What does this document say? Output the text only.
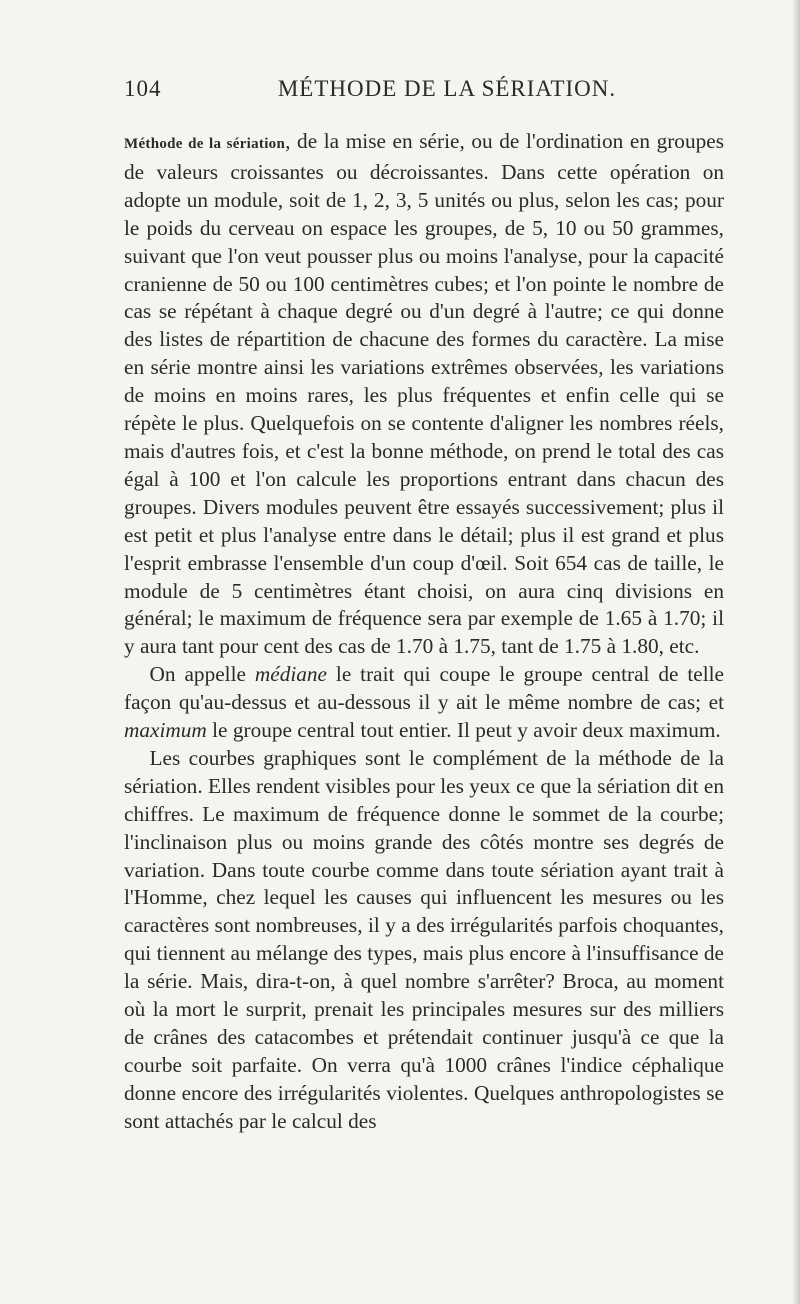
104	MÉTHODE DE LA SÉRIATION.

Méthode de la sériation, de la mise en série, ou de l'ordination en groupes de valeurs croissantes ou décroissantes. Dans cette opération on adopte un module, soit de 1, 2, 3, 5 unités ou plus, selon les cas; pour le poids du cerveau on espace les groupes, de 5, 10 ou 50 grammes, suivant que l'on veut pousser plus ou moins l'analyse, pour la capacité cranienne de 50 ou 100 centimètres cubes; et l'on pointe le nombre de cas se répétant à chaque degré ou d'un degré à l'autre; ce qui donne des listes de répartition de chacune des formes du caractère. La mise en série montre ainsi les variations extrêmes observées, les variations de moins en moins rares, les plus fréquentes et enfin celle qui se répète le plus. Quelquefois on se contente d'aligner les nombres réels, mais d'autres fois, et c'est la bonne méthode, on prend le total des cas égal à 100 et l'on calcule les proportions entrant dans chacun des groupes. Divers modules peuvent être essayés successivement; plus il est petit et plus l'analyse entre dans le détail; plus il est grand et plus l'esprit embrasse l'ensemble d'un coup d'œil. Soit 654 cas de taille, le module de 5 centimètres étant choisi, on aura cinq divisions en général; le maximum de fréquence sera par exemple de 1.65 à 1.70; il y aura tant pour cent des cas de 1.70 à 1.75, tant de 1.75 à 1.80, etc.

On appelle médiane le trait qui coupe le groupe central de telle façon qu'au-dessus et au-dessous il y ait le même nombre de cas; et maximum le groupe central tout entier. Il peut y avoir deux maximum.

Les courbes graphiques sont le complément de la méthode de la sériation. Elles rendent visibles pour les yeux ce que la sériation dit en chiffres. Le maximum de fréquence donne le sommet de la courbe; l'inclinaison plus ou moins grande des côtés montre ses degrés de variation. Dans toute courbe comme dans toute sériation ayant trait à l'Homme, chez lequel les causes qui influencent les mesures ou les caractères sont nombreuses, il y a des irrégularités parfois choquantes, qui tiennent au mélange des types, mais plus encore à l'insuffisance de la série. Mais, dira-t-on, à quel nombre s'arrêter? Broca, au moment où la mort le surprit, prenait les principales mesures sur des milliers de crânes des catacombes et prétendait continuer jusqu'à ce que la courbe soit parfaite. On verra qu'à 1000 crânes l'indice céphalique donne encore des irrégularités violentes. Quelques anthropologistes se sont attachés par le calcul des
